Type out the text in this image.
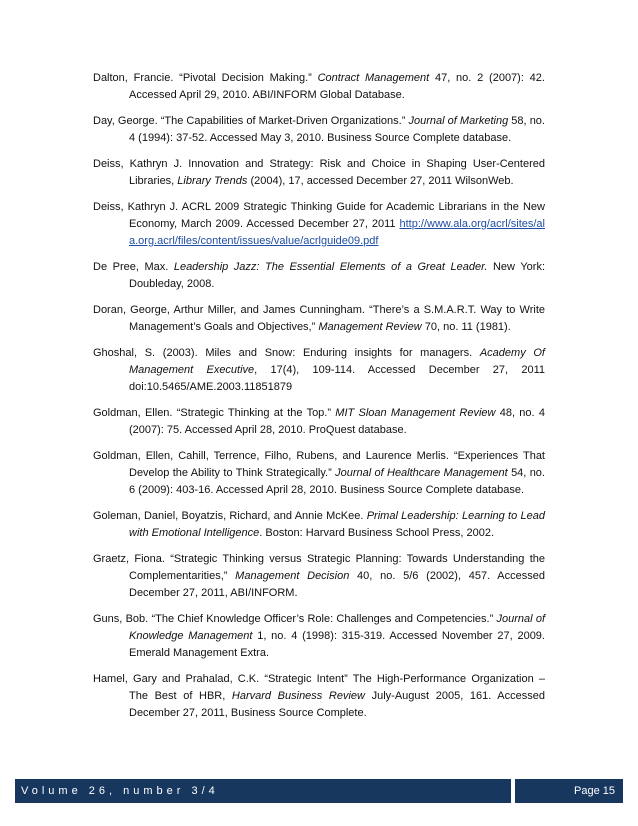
Dalton, Francie. “Pivotal Decision Making.” Contract Management 47, no. 2 (2007): 42. Accessed April 29, 2010. ABI/INFORM Global Database.

Day, George. “The Capabilities of Market-Driven Organizations.” Journal of Marketing 58, no. 4 (1994): 37-52. Accessed May 3, 2010. Business Source Complete database.

Deiss, Kathryn J. Innovation and Strategy: Risk and Choice in Shaping User-Centered Libraries, Library Trends (2004), 17, accessed December 27, 2011 WilsonWeb.

Deiss, Kathryn J. ACRL 2009 Strategic Thinking Guide for Academic Librarians in the New Economy, March 2009. Accessed December 27, 2011 http://www.ala.org/acrl/sites/ala.org.acrl/files/content/issues/value/acrlguide09.pdf

De Pree, Max. Leadership Jazz: The Essential Elements of a Great Leader. New York: Doubleday, 2008.

Doran, George, Arthur Miller, and James Cunningham. “There’s a S.M.A.R.T. Way to Write Management’s Goals and Objectives,” Management Review 70, no. 11 (1981).

Ghoshal, S. (2003). Miles and Snow: Enduring insights for managers. Academy Of Management Executive, 17(4), 109-114. Accessed December 27, 2011 doi:10.5465/AME.2003.11851879

Goldman, Ellen. “Strategic Thinking at the Top.” MIT Sloan Management Review 48, no. 4 (2007): 75. Accessed April 28, 2010. ProQuest database.

Goldman, Ellen, Cahill, Terrence, Filho, Rubens, and Laurence Merlis. “Experiences That Develop the Ability to Think Strategically.” Journal of Healthcare Management 54, no. 6 (2009): 403-16. Accessed April 28, 2010. Business Source Complete database.

Goleman, Daniel, Boyatzis, Richard, and Annie McKee. Primal Leadership: Learning to Lead with Emotional Intelligence. Boston: Harvard Business School Press, 2002.

Graetz, Fiona. “Strategic Thinking versus Strategic Planning: Towards Understanding the Complementarities,” Management Decision 40, no. 5/6 (2002), 457. Accessed December 27, 2011, ABI/INFORM.

Guns, Bob. “The Chief Knowledge Officer’s Role: Challenges and Competencies.” Journal of Knowledge Management 1, no. 4 (1998): 315-319. Accessed November 27, 2009. Emerald Management Extra.

Hamel, Gary and Prahalad, C.K. “Strategic Intent” The High-Performance Organization – The Best of HBR, Harvard Business Review July-August 2005, 161. Accessed December 27, 2011, Business Source Complete.

Volume 26, number 3/4	Page 15
